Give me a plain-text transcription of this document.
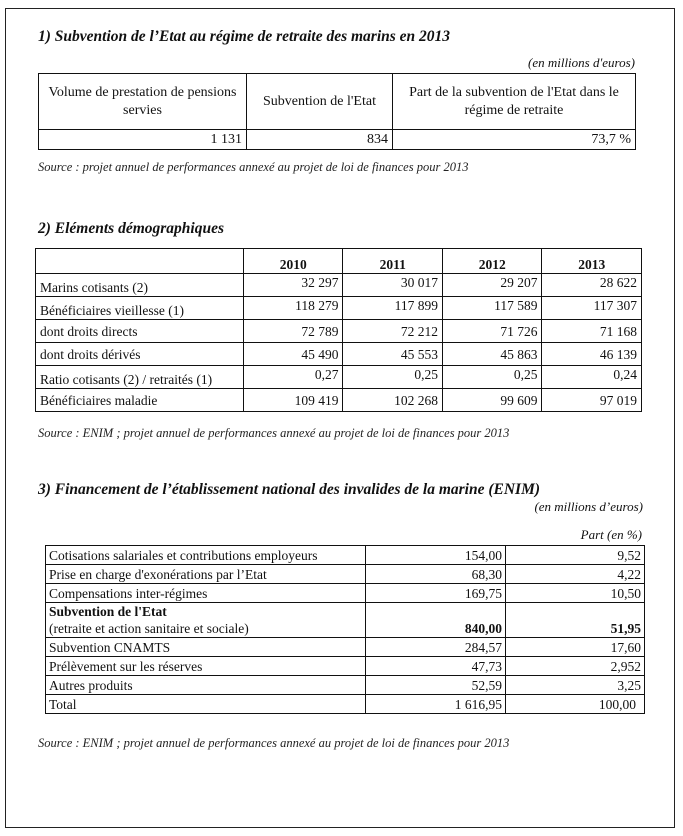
1) Subvention de l’Etat au régime de retraite des marins en 2013
(en millions d'euros)
Volume de prestation de pensions servies	Subvention de l'Etat	Part de la subvention de l'Etat dans le régime de retraite
1 131	834	73,7 %
Source : projet annuel de performances annexé au projet de loi de finances pour 2013
2) Eléments démographiques
	2010	2011	2012	2013
Marins cotisants (2)	32 297	30 017	29 207	28 622
Bénéficiaires vieillesse (1)	118 279	117 899	117 589	117 307
dont droits directs	72 789	72 212	71 726	71 168
dont droits dérivés	45 490	45 553	45 863	46 139
Ratio cotisants (2) / retraités (1)	0,27	0,25	0,25	0,24
Bénéficiaires maladie	109 419	102 268	99 609	97 019
Source : ENIM ; projet annuel de performances annexé au projet de loi de finances pour 2013
3) Financement de l’établissement national des invalides de la marine (ENIM)
(en millions d’euros)
Part (en %)
Cotisations salariales et contributions employeurs	154,00	9,52
Prise en charge d'exonérations par l’Etat	68,30	4,22
Compensations inter-régimes	169,75	10,50

Subvention de l'Etat
(retraite et action sanitaire et sociale)	840,00	51,95
Subvention CNAMTS	284,57	17,60
Prélèvement sur les réserves	47,73	2,952
Autres produits	52,59	3,25
Total	1 616,95	100,00
Source : ENIM ; projet annuel de performances annexé au projet de loi de finances pour 2013
